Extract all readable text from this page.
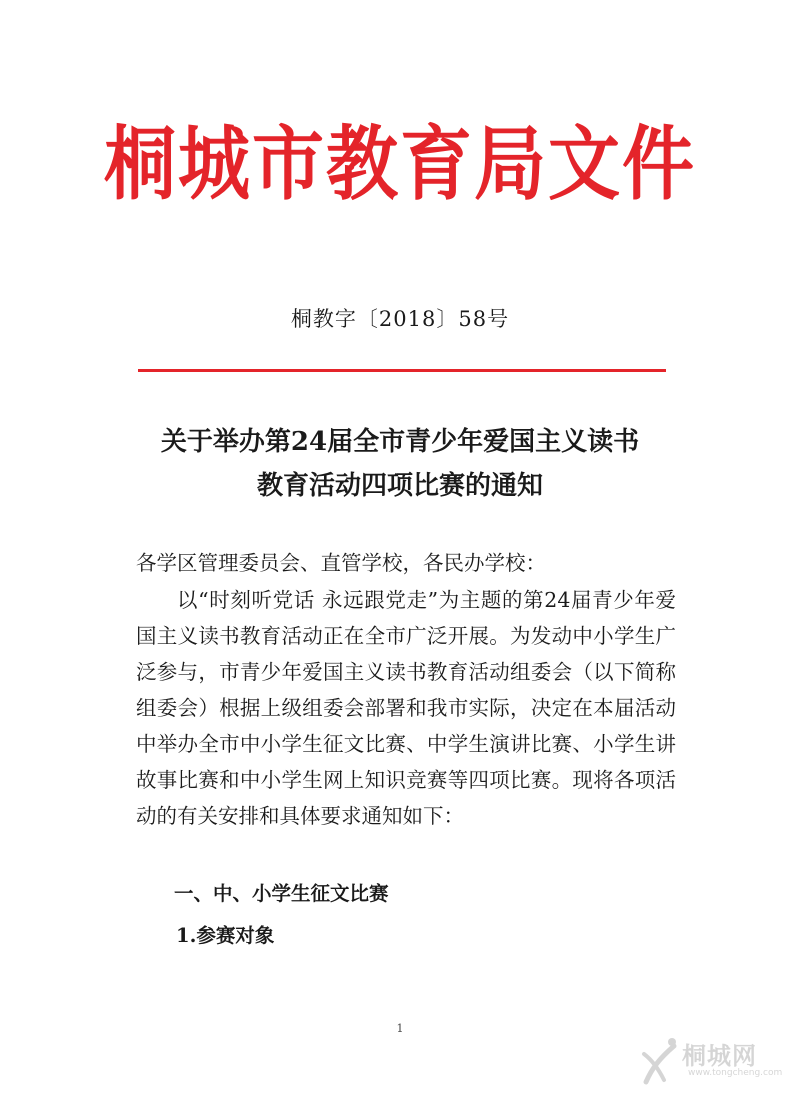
桐城市教育局文件
桐教字〔2018〕58号
关于举办第24届全市青少年爱国主义读书
教育活动四项比赛的通知
各学区管理委员会、直管学校，各民办学校：

以“时刻听党话 永远跟党走”为主题的第24届青少年爱国主义读书教育活动正在全市广泛开展。为发动中小学生广泛参与，市青少年爱国主义读书教育活动组委会（以下简称组委会）根据上级组委会部署和我市实际，决定在本届活动中举办全市中小学生征文比赛、中学生演讲比赛、小学生讲故事比赛和中小学生网上知识竞赛等四项比赛。现将各项活动的有关安排和具体要求通知如下：

一、中、小学生征文比赛
1.参赛对象
1
桐城网
www.tongcheng.com
